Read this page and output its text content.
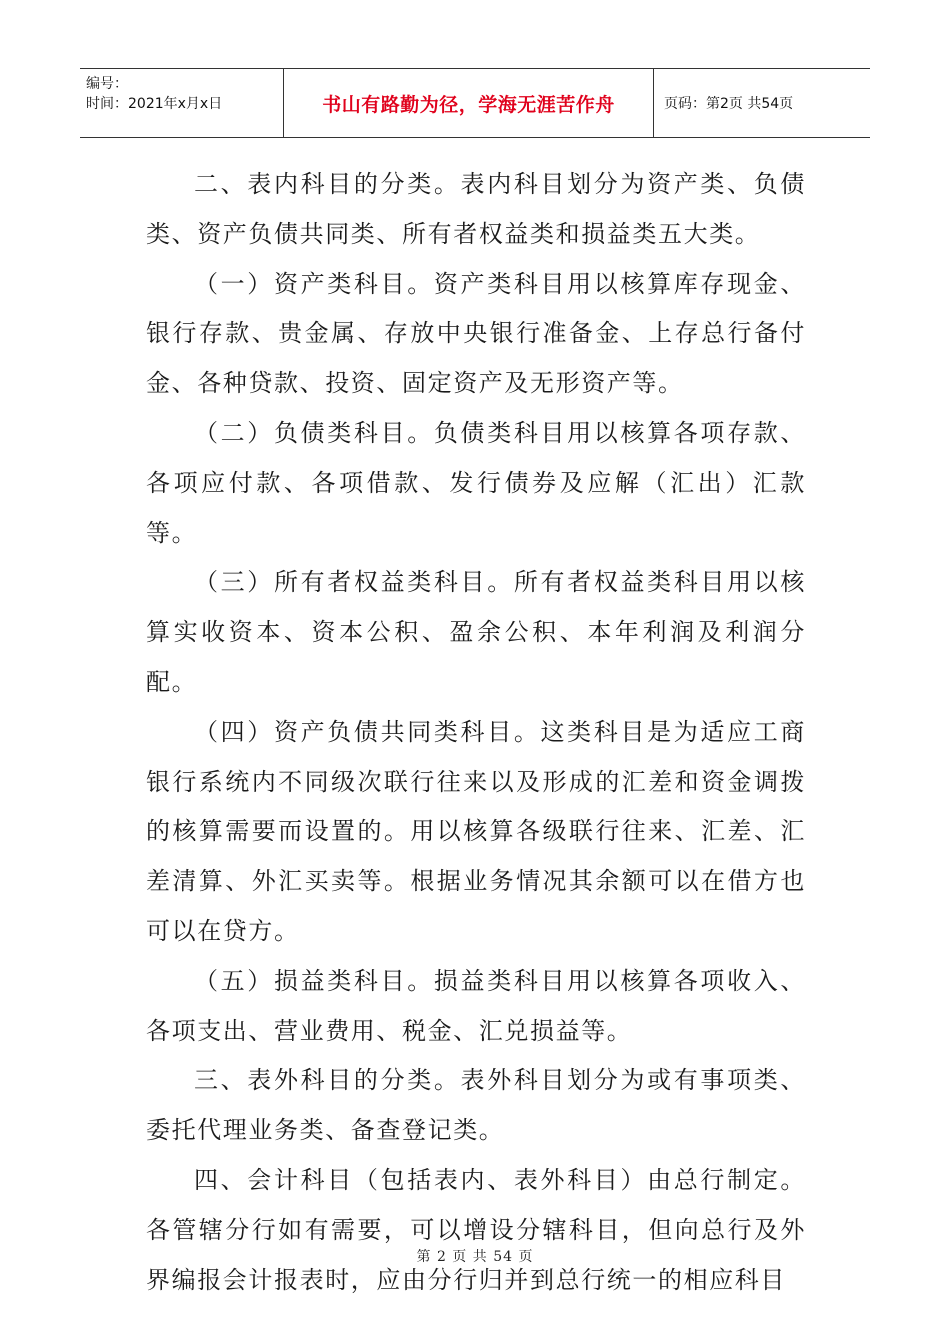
编号：
时间：2021年x月x日	书山有路勤为径，学海无涯苦作舟	页码：第2页 共54页

二、表内科目的分类。表内科目划分为资产类、负债类、资产负债共同类、所有者权益类和损益类五大类。

（一）资产类科目。资产类科目用以核算库存现金、银行存款、贵金属、存放中央银行准备金、上存总行备付金、各种贷款、投资、固定资产及无形资产等。

（二）负债类科目。负债类科目用以核算各项存款、各项应付款、各项借款、发行债券及应解（汇出）汇款等。

（三）所有者权益类科目。所有者权益类科目用以核算实收资本、资本公积、盈余公积、本年利润及利润分配。

（四）资产负债共同类科目。这类科目是为适应工商银行系统内不同级次联行往来以及形成的汇差和资金调拨的核算需要而设置的。用以核算各级联行往来、汇差、汇差清算、外汇买卖等。根据业务情况其余额可以在借方也可以在贷方。

（五）损益类科目。损益类科目用以核算各项收入、各项支出、营业费用、税金、汇兑损益等。

三、表外科目的分类。表外科目划分为或有事项类、委托代理业务类、备查登记类。

四、会计科目（包括表内、表外科目）由总行制定。各管辖分行如有需要，可以增设分辖科目，但向总行及外界编报会计报表时，应由分行归并到总行统一的相应科目

第 2 页 共 54 页
